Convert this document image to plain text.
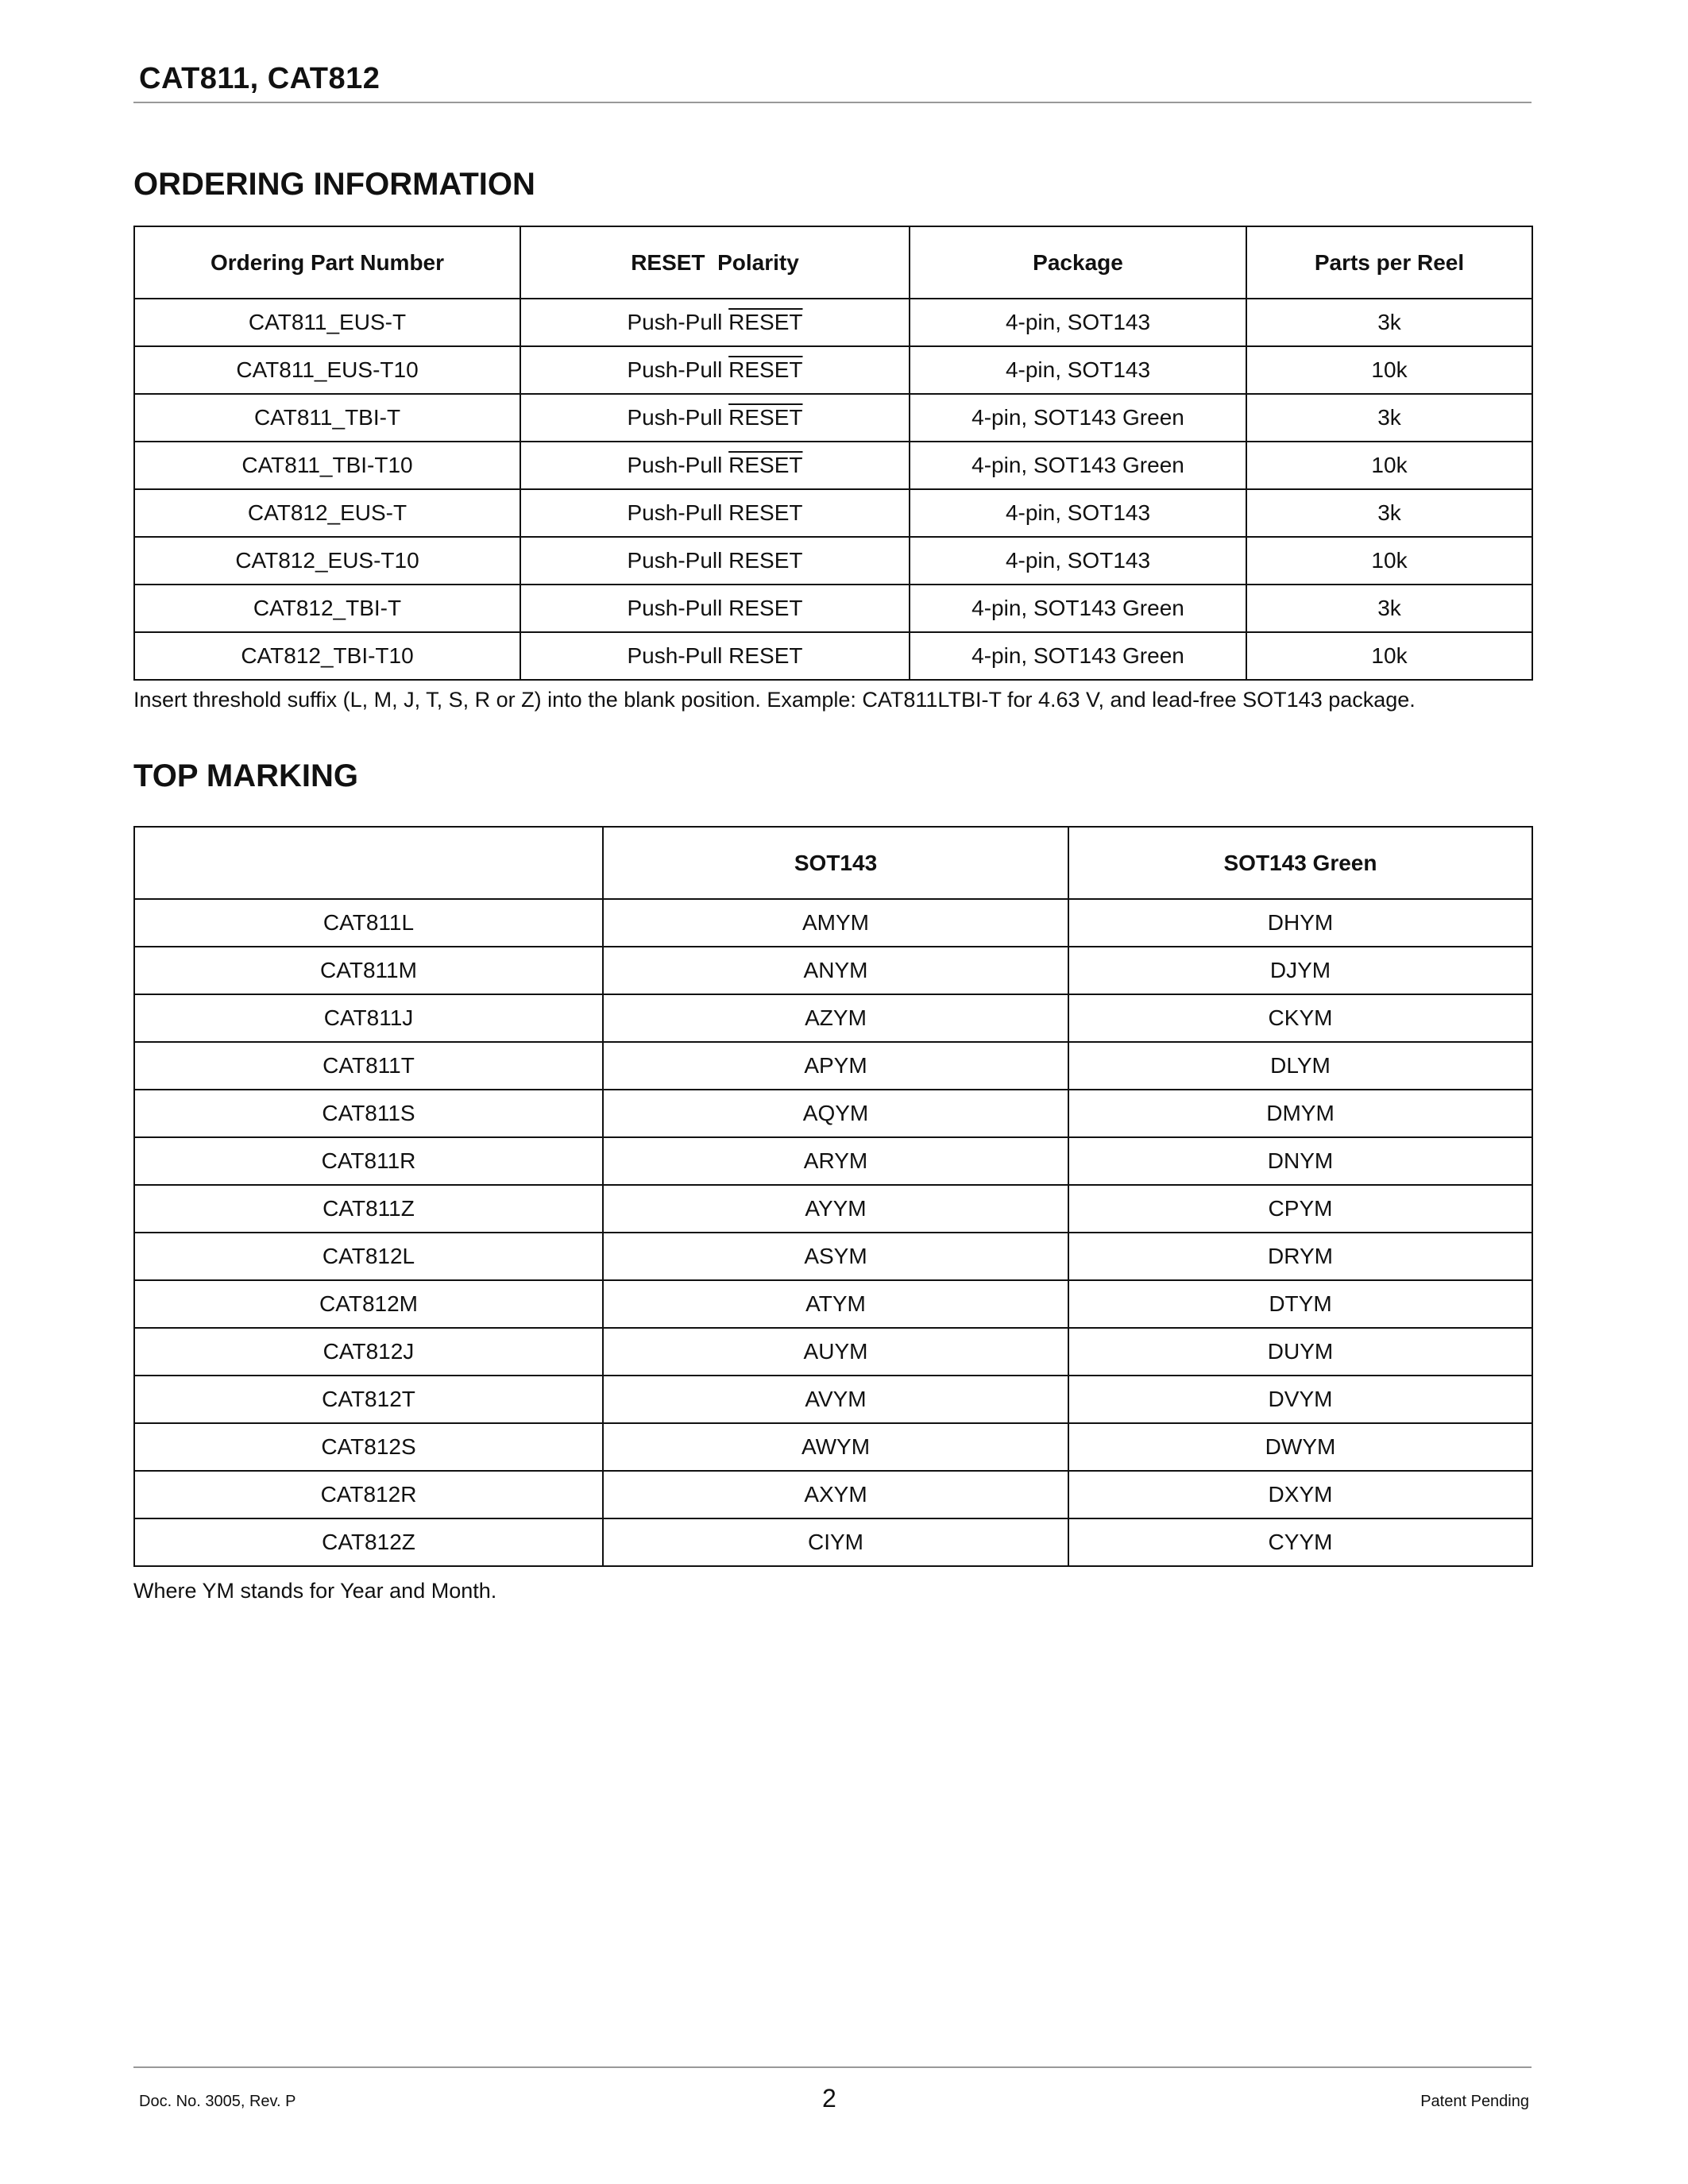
CAT811, CAT812
ORDERING INFORMATION
Ordering Part Number	RESET  Polarity	Package	Parts per Reel
CAT811_EUS-T	Push-Pull RESET	4-pin, SOT143	3k
CAT811_EUS-T10	Push-Pull RESET	4-pin, SOT143	10k
CAT811_TBI-T	Push-Pull RESET	4-pin, SOT143 Green	3k
CAT811_TBI-T10	Push-Pull RESET	4-pin, SOT143 Green	10k
CAT812_EUS-T	Push-Pull RESET	4-pin, SOT143	3k
CAT812_EUS-T10	Push-Pull RESET	4-pin, SOT143	10k
CAT812_TBI-T	Push-Pull RESET	4-pin, SOT143 Green	3k
CAT812_TBI-T10	Push-Pull RESET	4-pin, SOT143 Green	10k
Insert threshold suffix (L, M, J, T, S, R or Z) into the blank position. Example: CAT811LTBI-T for 4.63 V, and lead-free SOT143 package.
TOP MARKING
	SOT143	SOT143 Green
CAT811L	AMYM	DHYM
CAT811M	ANYM	DJYM
CAT811J	AZYM	CKYM
CAT811T	APYM	DLYM
CAT811S	AQYM	DMYM
CAT811R	ARYM	DNYM
CAT811Z	AYYM	CPYM
CAT812L	ASYM	DRYM
CAT812M	ATYM	DTYM
CAT812J	AUYM	DUYM
CAT812T	AVYM	DVYM
CAT812S	AWYM	DWYM
CAT812R	AXYM	DXYM
CAT812Z	CIYM	CYYM
Where YM stands for Year and Month.
Doc. No. 3005, Rev. P	2	Patent Pending
